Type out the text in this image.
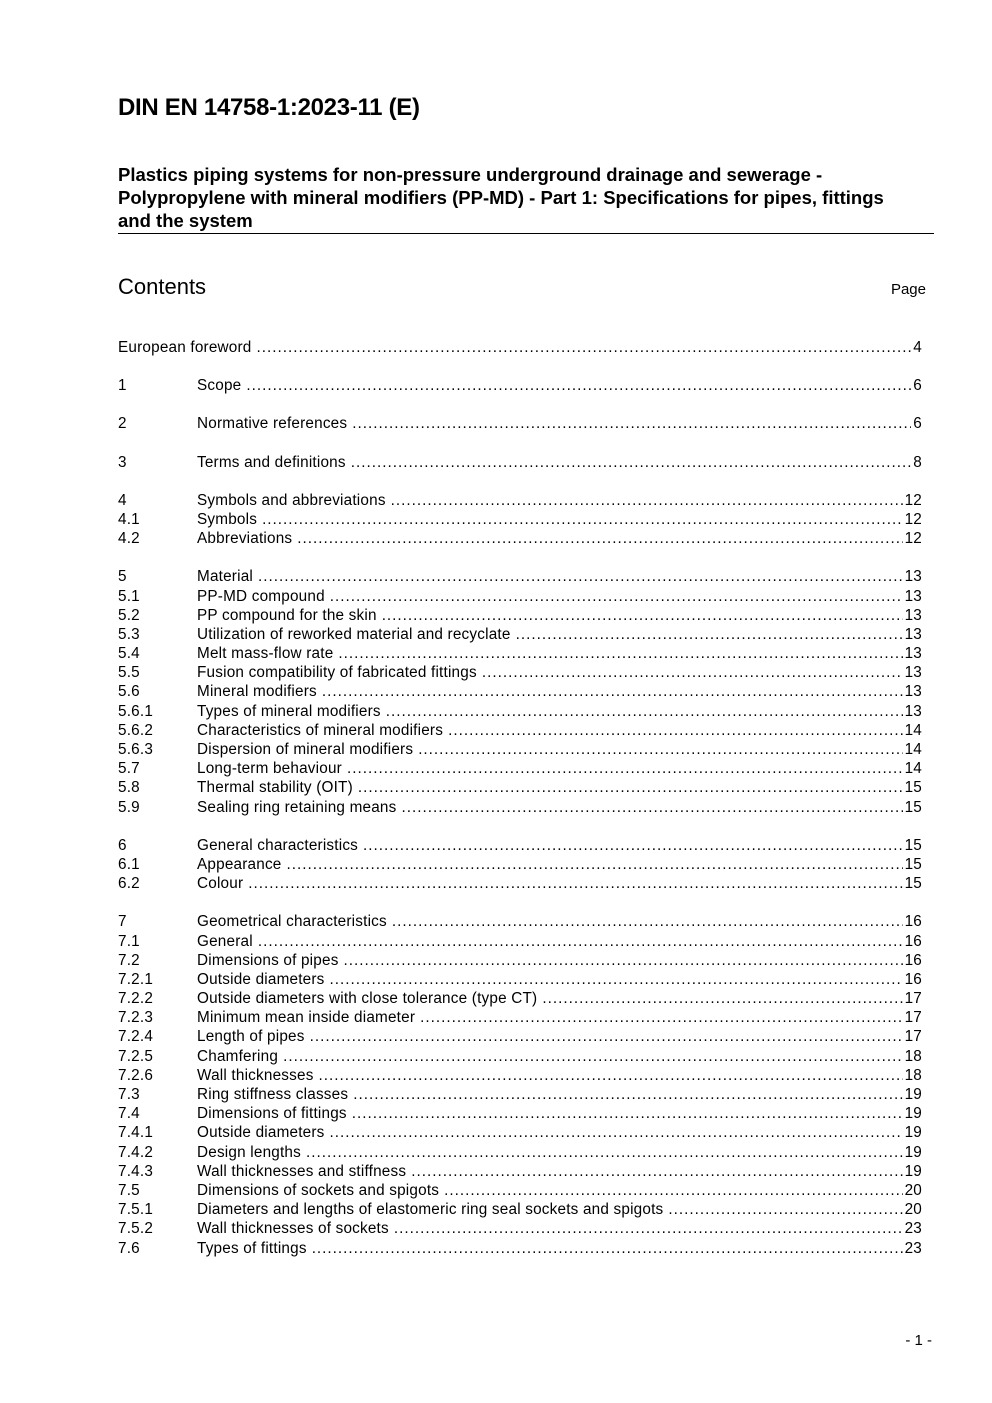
DIN EN 14758-1:2023-11 (E)
Plastics piping systems for non-pressure underground drainage and sewerage - Polypropylene with mineral modifiers (PP-MD) - Part 1: Specifications for pipes, fittings and the system
Contents	Page
European foreword .....	4
1	Scope .....	6
2	Normative references .....	6
3	Terms and definitions .....	8
4	Symbols and abbreviations .....	12
4.1	Symbols .....	12
4.2	Abbreviations .....	12
5	Material .....	13
5.1	PP-MD compound .....	13
5.2	PP compound for the skin .....	13
5.3	Utilization of reworked material and recyclate .....	13
5.4	Melt mass-flow rate .....	13
5.5	Fusion compatibility of fabricated fittings .....	13
5.6	Mineral modifiers .....	13
5.6.1	Types of mineral modifiers .....	13
5.6.2	Characteristics of mineral modifiers .....	14
5.6.3	Dispersion of mineral modifiers .....	14
5.7	Long-term behaviour .....	14
5.8	Thermal stability (OIT) .....	15
5.9	Sealing ring retaining means .....	15
6	General characteristics .....	15
6.1	Appearance .....	15
6.2	Colour .....	15
7	Geometrical characteristics .....	16
7.1	General .....	16
7.2	Dimensions of pipes .....	16
7.2.1	Outside diameters .....	16
7.2.2	Outside diameters with close tolerance (type CT) .....	17
7.2.3	Minimum mean inside diameter .....	17
7.2.4	Length of pipes .....	17
7.2.5	Chamfering .....	18
7.2.6	Wall thicknesses .....	18
7.3	Ring stiffness classes .....	19
7.4	Dimensions of fittings .....	19
7.4.1	Outside diameters .....	19
7.4.2	Design lengths .....	19
7.4.3	Wall thicknesses and stiffness .....	19
7.5	Dimensions of sockets and spigots .....	20
7.5.1	Diameters and lengths of elastomeric ring seal sockets and spigots .....	20
7.5.2	Wall thicknesses of sockets .....	23
7.6	Types of fittings .....	23
- 1 -
